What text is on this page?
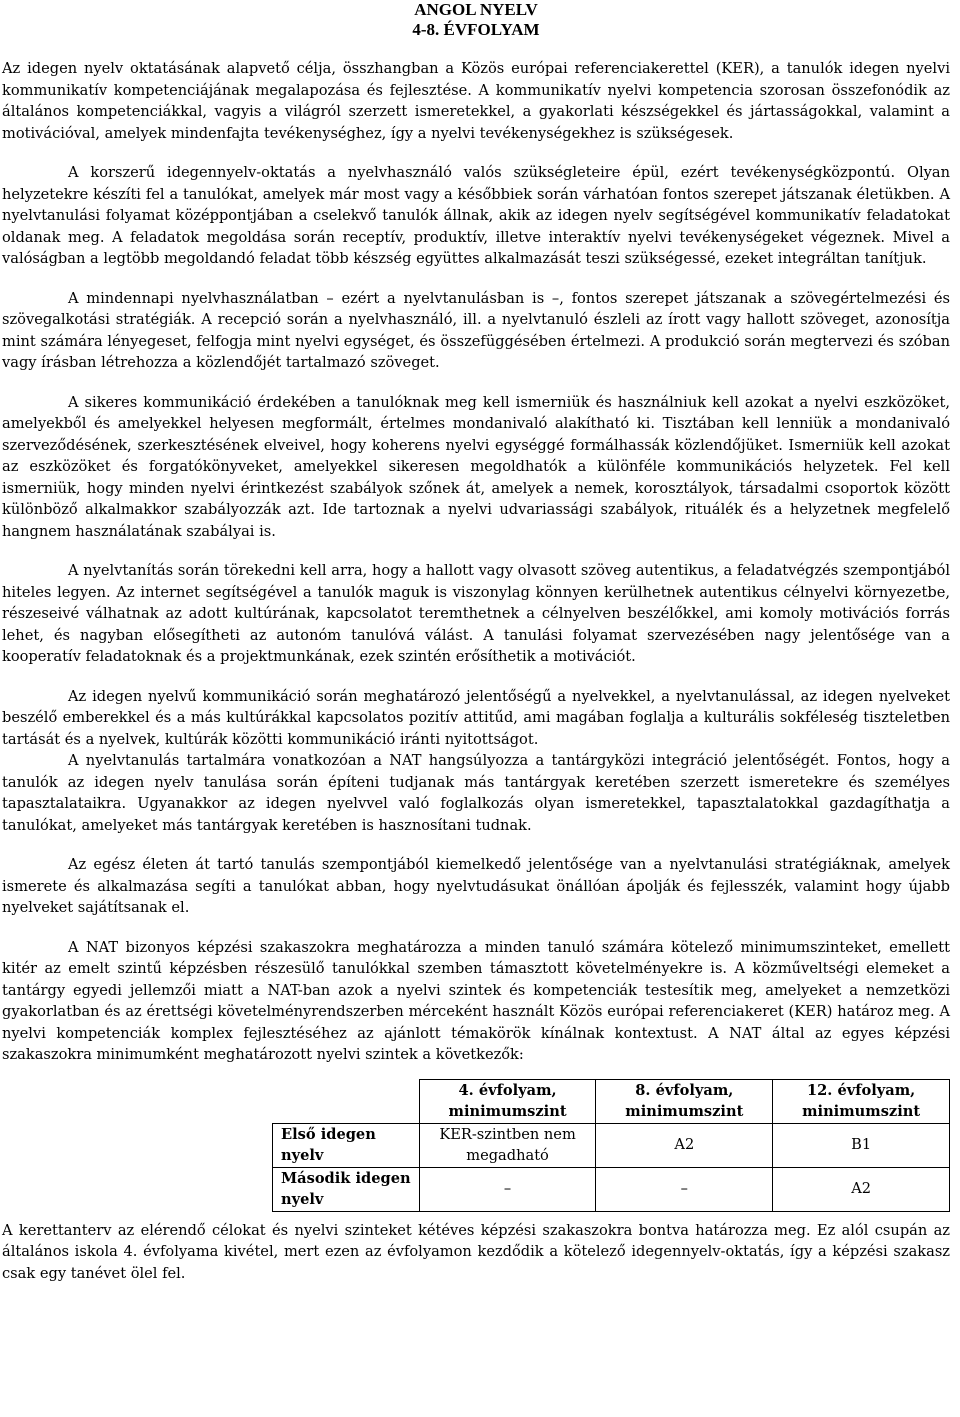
ANGOL NYELV

4-8. ÉVFOLYAM

Az idegen nyelv oktatásának alapvető célja, összhangban a Közös európai referenciakerettel (KER), a tanulók idegen nyelvi kommunikatív kompetenciájának megalapozása és fejlesztése. A kommunikatív nyelvi kompetencia szorosan összefonódik az általános kompetenciákkal, vagyis a világról szerzett ismeretekkel, a gyakorlati készségekkel és jártasságokkal, valamint a motivációval, amelyek mindenfajta tevékenységhez, így a nyelvi tevékenységekhez is szükségesek.

A korszerű idegennyelv-oktatás a nyelvhasználó valós szükségleteire épül, ezért tevékenységközpontú. Olyan helyzetekre készíti fel a tanulókat, amelyek már most vagy a későbbiek során várhatóan fontos szerepet játszanak életükben. A nyelvtanulási folyamat középpontjában a cselekvő tanulók állnak, akik az idegen nyelv segítségével kommunikatív feladatokat oldanak meg. A feladatok megoldása során receptív, produktív, illetve interaktív nyelvi tevékenységeket végeznek. Mivel a valóságban a legtöbb megoldandó feladat több készség együttes alkalmazását teszi szükségessé, ezeket integráltan tanítjuk.

A mindennapi nyelvhasználatban – ezért a nyelvtanulásban is –, fontos szerepet játszanak a szövegértelmezési és szövegalkotási stratégiák. A recepció során a nyelvhasználó, ill. a nyelvtanuló észleli az írott vagy hallott szöveget, azonosítja mint számára lényegeset, felfogja mint nyelvi egységet, és összefüggésében értelmezi. A produkció során megtervezi és szóban vagy írásban létrehozza a közlendőjét tartalmazó szöveget.

A sikeres kommunikáció érdekében a tanulóknak meg kell ismerniük és használniuk kell azokat a nyelvi eszközöket, amelyekből és amelyekkel helyesen megformált, értelmes mondanivaló alakítható ki. Tisztában kell lenniük a mondanivaló szerveződésének, szerkesztésének elveivel, hogy koherens nyelvi egységgé formálhassák közlendőjüket. Ismerniük kell azokat az eszközöket és forgatókönyveket, amelyekkel sikeresen megoldhatók a különféle kommunikációs helyzetek. Fel kell ismerniük, hogy minden nyelvi érintkezést szabályok szőnek át, amelyek a nemek, korosztályok, társadalmi csoportok között különböző alkalmakkor szabályozzák azt. Ide tartoznak a nyelvi udvariassági szabályok, rituálék és a helyzetnek megfelelő hangnem használatának szabályai is.

A nyelvtanítás során törekedni kell arra, hogy a hallott vagy olvasott szöveg autentikus, a feladatvégzés szempontjából hiteles legyen. Az internet segítségével a tanulók maguk is viszonylag könnyen kerülhetnek autentikus célnyelvi környezetbe, részeseivé válhatnak az adott kultúrának, kapcsolatot teremthetnek a célnyelven beszélőkkel, ami komoly motivációs forrás lehet, és nagyban elősegítheti az autonóm tanulóvá válást. A tanulási folyamat szervezésében nagy jelentősége van a kooperatív feladatoknak és a projektmunkának, ezek szintén erősíthetik a motivációt.

Az idegen nyelvű kommunikáció során meghatározó jelentőségű a nyelvekkel, a nyelvtanulással, az idegen nyelveket beszélő emberekkel és a más kultúrákkal kapcsolatos pozitív attitűd, ami magában foglalja a kulturális sokféleség tiszteletben tartását és a nyelvek, kultúrák közötti kommunikáció iránti nyitottságot.

A nyelvtanulás tartalmára vonatkozóan a NAT hangsúlyozza a tantárgyközi integráció jelentőségét. Fontos, hogy a tanulók az idegen nyelv tanulása során építeni tudjanak más tantárgyak keretében szerzett ismeretekre és személyes tapasztalataikra. Ugyanakkor az idegen nyelvvel való foglalkozás olyan ismeretekkel, tapasztalatokkal gazdagíthatja a tanulókat, amelyeket más tantárgyak keretében is hasznosítani tudnak.

Az egész életen át tartó tanulás szempontjából kiemelkedő jelentősége van a nyelvtanulási stratégiáknak, amelyek ismerete és alkalmazása segíti a tanulókat abban, hogy nyelvtudásukat önállóan ápolják és fejlesszék, valamint hogy újabb nyelveket sajátítsanak el.

A NAT bizonyos képzési szakaszokra meghatározza a minden tanuló számára kötelező minimumszinteket, emellett kitér az emelt szintű képzésben részesülő tanulókkal szemben támasztott követelményekre is. A közműveltségi elemeket a tantárgy egyedi jellemzői miatt a NAT-ban azok a nyelvi szintek és kompetenciák testesítik meg, amelyeket a nemzetközi gyakorlatban és az érettségi követelményrendszerben mérceként használt Közös európai referenciakeret (KER) határoz meg. A nyelvi kompetenciák komplex fejlesztéséhez az ajánlott témakörök kínálnak kontextust. A NAT által az egyes képzési szakaszokra minimumként meghatározott nyelvi szintek a következők:

	4. évfolyam, minimumszint	8. évfolyam, minimumszint	12. évfolyam, minimumszint
Első idegen nyelv	KER-szintben nem megadható	A2	B1
Második idegen nyelv	–	–	A2

A kerettanterv az elérendő célokat és nyelvi szinteket kétéves képzési szakaszokra bontva határozza meg. Ez alól csupán az általános iskola 4. évfolyama kivétel, mert ezen az évfolyamon kezdődik a kötelező idegennyelv-oktatás, így a képzési szakasz csak egy tanévet ölel fel.
